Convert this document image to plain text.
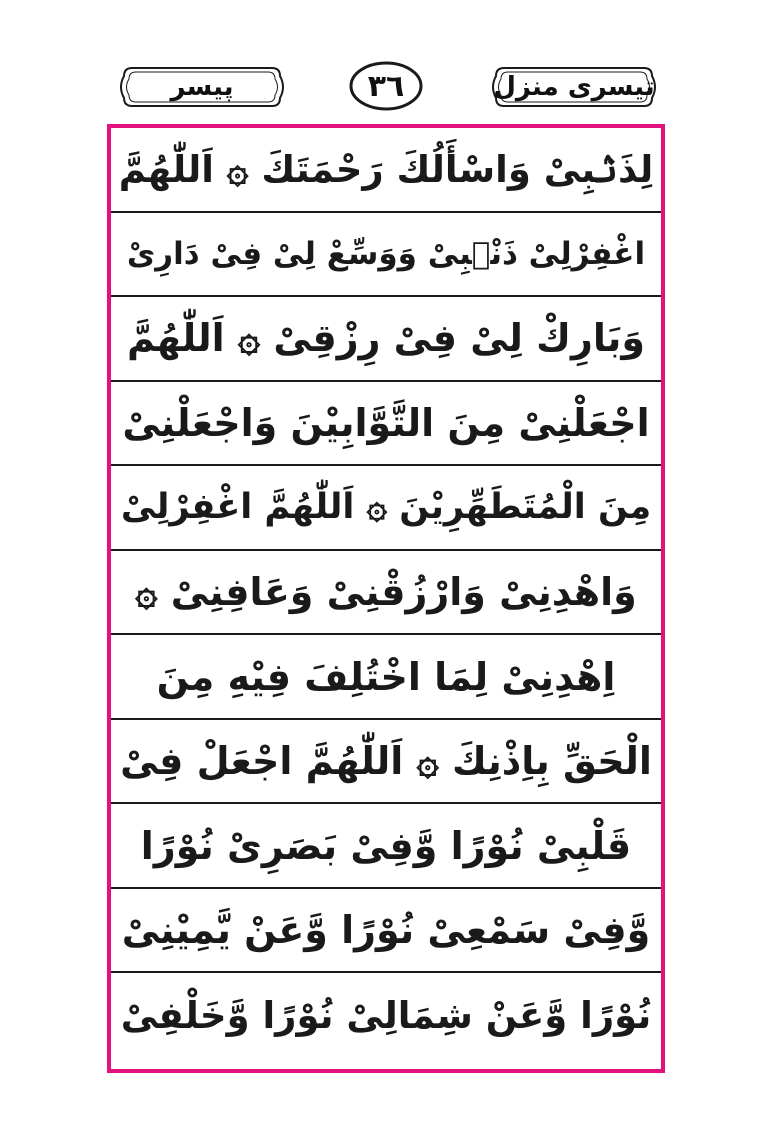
پیسر	٣٦	تیسری منزل
لِذَنۢبِىْ وَاسْأَلُكَ رَحْمَتَكَ ۞ اَللّٰهُمَّ
اغْفِرْلِىْ ذَنْۢبِىْ وَوَسِّعْ لِىْ فِىْ دَارِىْ
وَبَارِكْ لِىْ فِىْ رِزْقِىْ ۞ اَللّٰهُمَّ
اجْعَلْنِىْ مِنَ التَّوَّابِيْنَ وَاجْعَلْنِىْ
مِنَ الْمُتَطَهِّرِيْنَ ۞ اَللّٰهُمَّ اغْفِرْلِىْ
وَاهْدِنِىْ وَارْزُقْنِىْ وَعَافِنِىْ ۞
اِهْدِنِىْ لِمَا اخْتُلِفَ فِيْهِ مِنَ
الْحَقِّ بِاِذْنِكَ ۞ اَللّٰهُمَّ اجْعَلْ فِىْ
قَلْبِىْ نُوْرًا وَّفِىْ بَصَرِىْ نُوْرًا
وَّفِىْ سَمْعِىْ نُوْرًا وَّعَنْ يَّمِيْنِىْ
نُوْرًا وَّعَنْ شِمَالِىْ نُوْرًا وَّخَلْفِىْ
